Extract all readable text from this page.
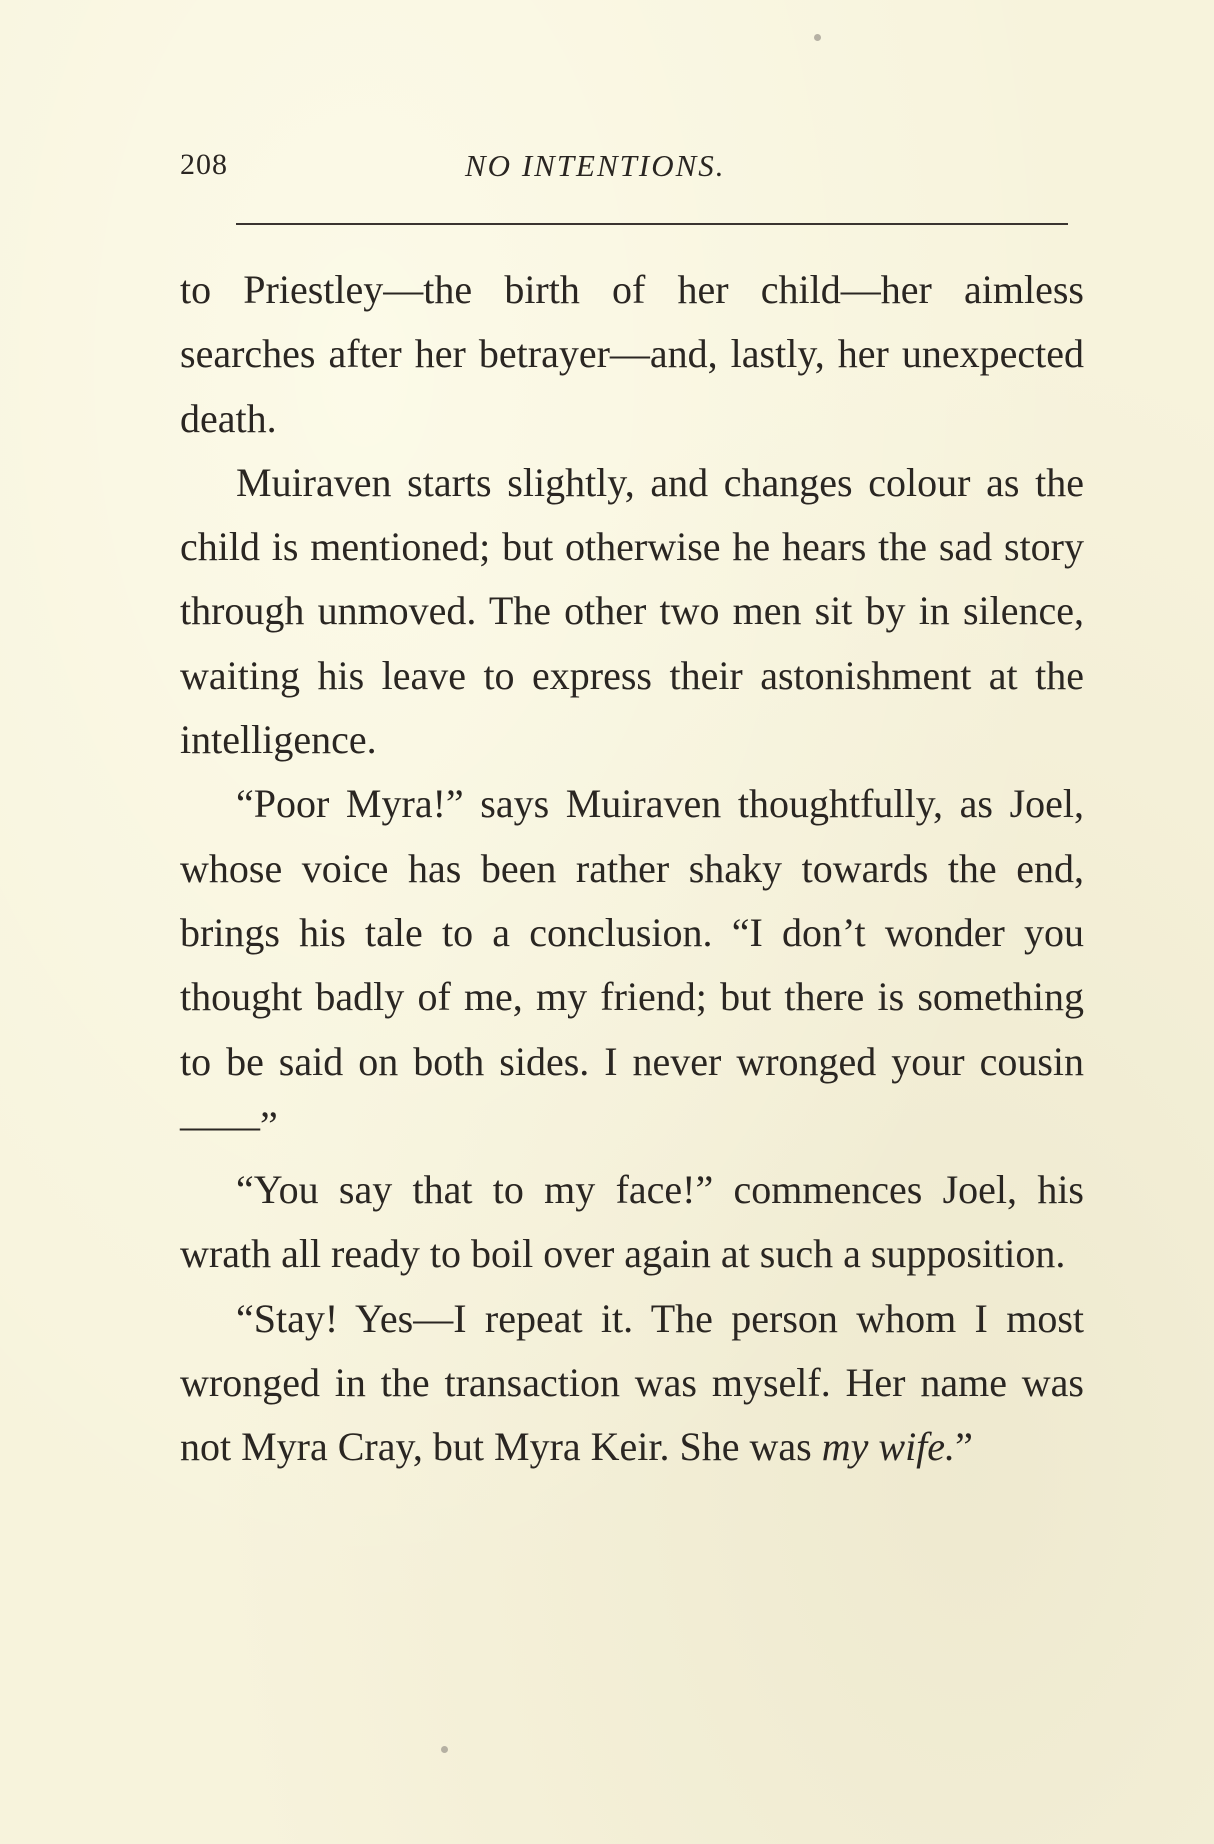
208	NO INTENTIONS.

to Priestley—the birth of her child—her aimless searches after her betrayer—and, lastly, her unexpected death.

Muiraven starts slightly, and changes colour as the child is mentioned; but otherwise he hears the sad story through unmoved. The other two men sit by in silence, waiting his leave to express their astonishment at the intelligence.

“Poor Myra!” says Muiraven thoughtfully, as Joel, whose voice has been rather shaky towards the end, brings his tale to a conclusion. “I don’t wonder you thought badly of me, my friend; but there is something to be said on both sides. I never wronged your cousin——”

“You say that to my face!” commences Joel, his wrath all ready to boil over again at such a supposition.

“Stay! Yes—I repeat it. The person whom I most wronged in the transaction was myself. Her name was not Myra Cray, but Myra Keir. She was my wife.”
